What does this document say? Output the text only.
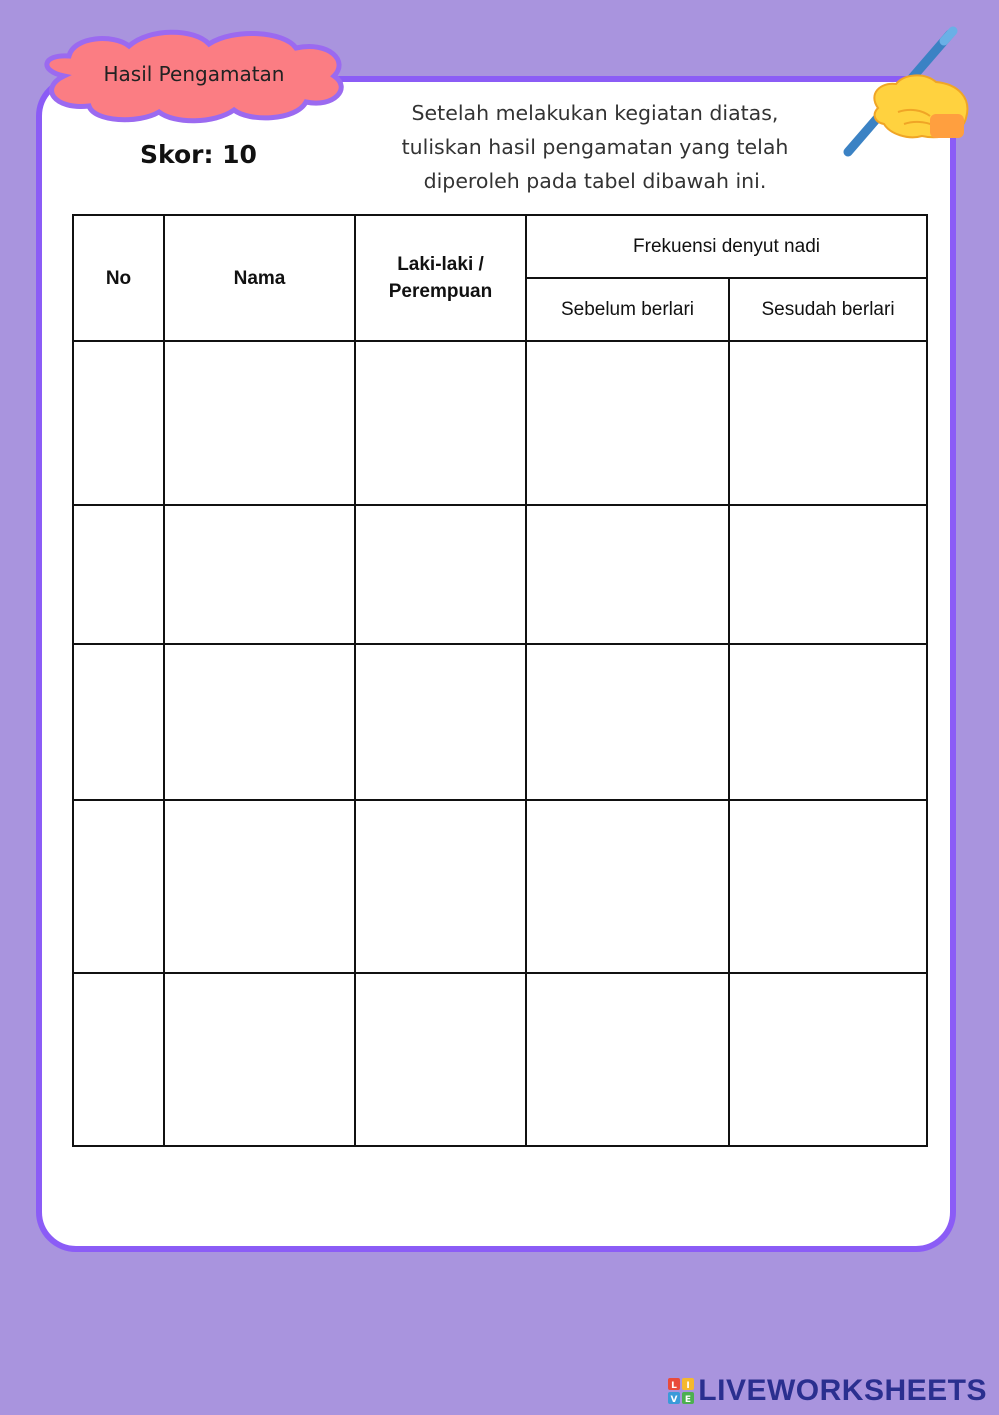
Hasil Pengamatan
Skor: 10
Setelah melakukan kegiatan diatas,
tuliskan hasil pengamatan yang telah
diperoleh pada tabel dibawah ini.
No	Nama	Laki-laki / Perempuan	Frekuensi denyut nadi	
			Sebelum berlari	Sesudah berlari

L I
V E LIVEWORKSHEETS
